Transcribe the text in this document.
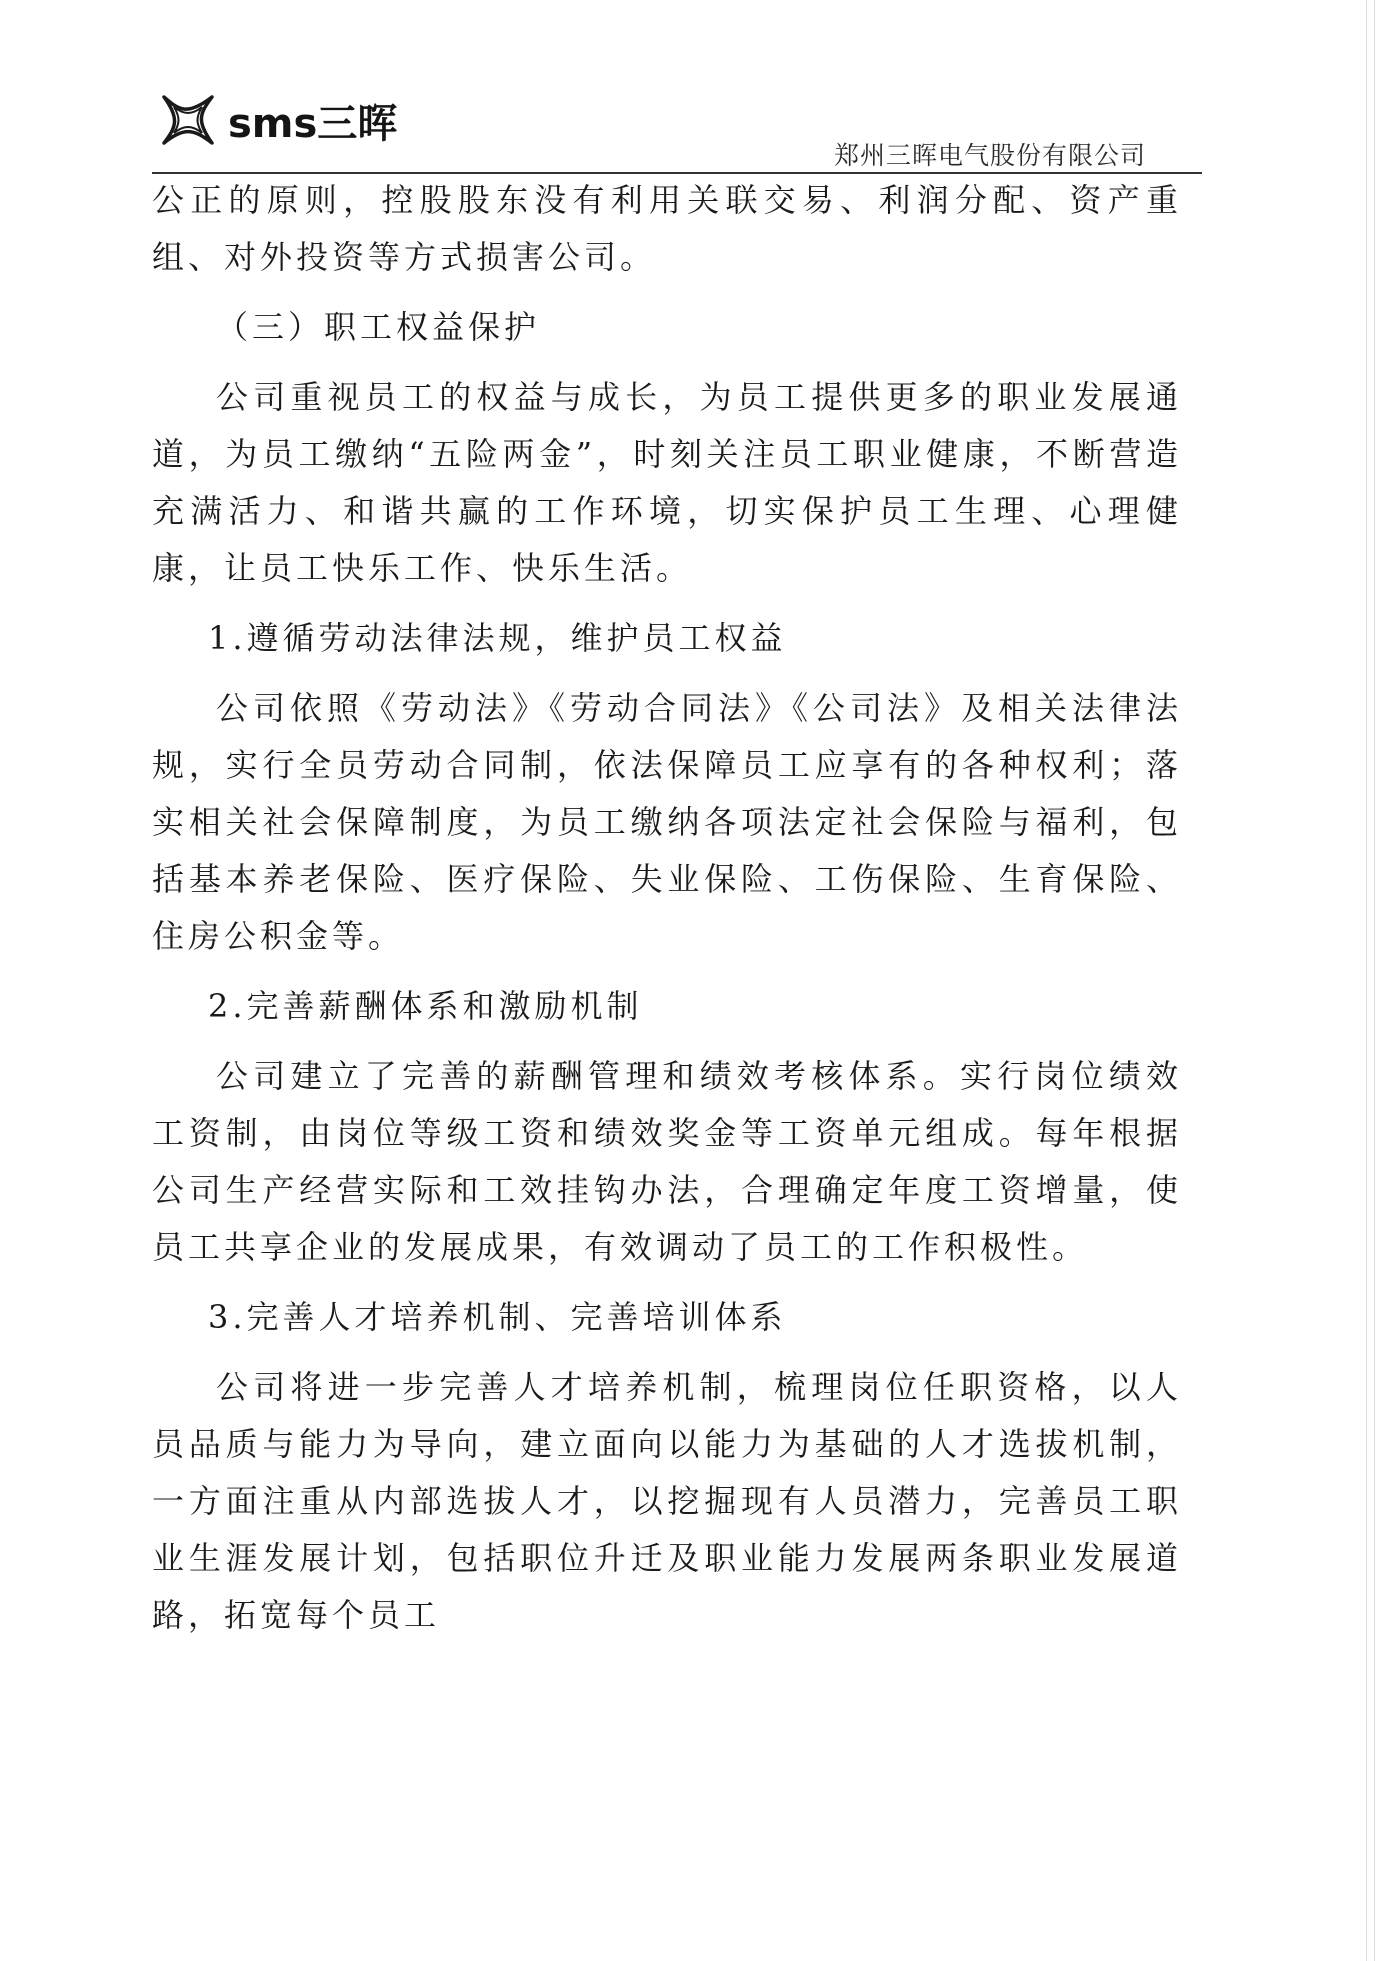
sms三晖
郑州三晖电气股份有限公司

公正的原则，控股股东没有利用关联交易、利润分配、资产重组、对外投资等方式损害公司。

（三）职工权益保护

公司重视员工的权益与成长，为员工提供更多的职业发展通道，为员工缴纳“五险两金”，时刻关注员工职业健康，不断营造充满活力、和谐共赢的工作环境，切实保护员工生理、心理健康，让员工快乐工作、快乐生活。

1.遵循劳动法律法规，维护员工权益

公司依照《劳动法》《劳动合同法》《公司法》及相关法律法规，实行全员劳动合同制，依法保障员工应享有的各种权利；落实相关社会保障制度，为员工缴纳各项法定社会保险与福利，包括基本养老保险、医疗保险、失业保险、工伤保险、生育保险、住房公积金等。

2.完善薪酬体系和激励机制

公司建立了完善的薪酬管理和绩效考核体系。实行岗位绩效工资制，由岗位等级工资和绩效奖金等工资单元组成。每年根据公司生产经营实际和工效挂钩办法，合理确定年度工资增量，使员工共享企业的发展成果，有效调动了员工的工作积极性。

3.完善人才培养机制、完善培训体系

公司将进一步完善人才培养机制，梳理岗位任职资格，以人员品质与能力为导向，建立面向以能力为基础的人才选拔机制，一方面注重从内部选拔人才，以挖掘现有人员潜力，完善员工职业生涯发展计划，包括职位升迁及职业能力发展两条职业发展道路，拓宽每个员工
